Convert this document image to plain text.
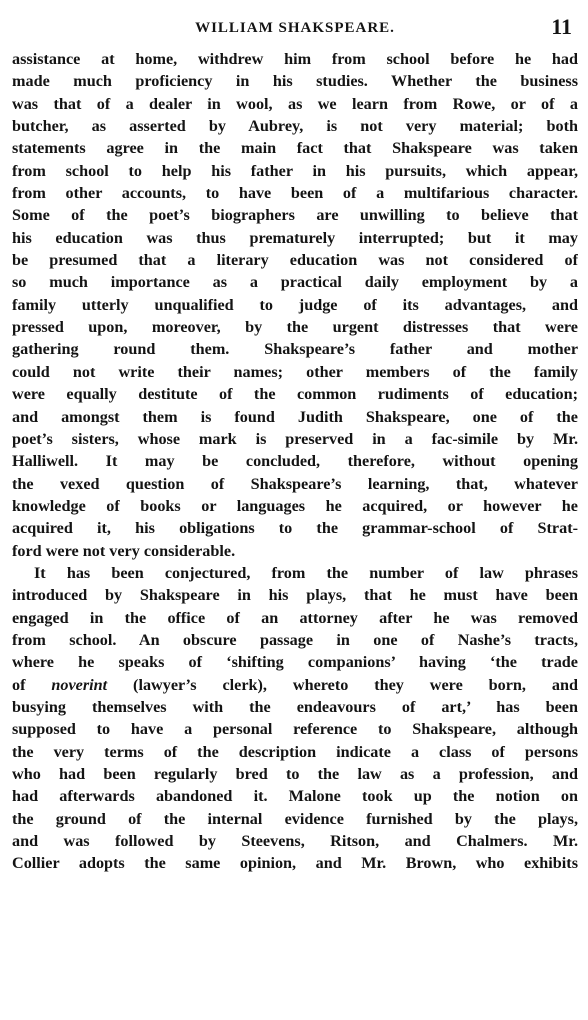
WILLIAM SHAKSPEARE.	11
assistance at home, withdrew him from school before he had
made much proficiency in his studies. Whether the business
was that of a dealer in wool, as we learn from Rowe, or of a
butcher, as asserted by Aubrey, is not very material; both
statements agree in the main fact that Shakspeare was taken
from school to help his father in his pursuits, which appear,
from other accounts, to have been of a multifarious character.
Some of the poet’s biographers are unwilling to believe that
his education was thus prematurely interrupted; but it may
be presumed that a literary education was not considered of
so much importance as a practical daily employment by a
family utterly unqualified to judge of its advantages, and
pressed upon, moreover, by the urgent distresses that were
gathering round them. Shakspeare’s father and mother
could not write their names; other members of the family
were equally destitute of the common rudiments of education;
and amongst them is found Judith Shakspeare, one of the
poet’s sisters, whose mark is preserved in a fac-simile by Mr.
Halliwell. It may be concluded, therefore, without opening
the vexed question of Shakspeare’s learning, that, whatever
knowledge of books or languages he acquired, or however he
acquired it, his obligations to the grammar-school of Strat-
ford were not very considerable.
It has been conjectured, from the number of law phrases
introduced by Shakspeare in his plays, that he must have been
engaged in the office of an attorney after he was removed
from school. An obscure passage in one of Nashe’s tracts,
where he speaks of ‘shifting companions’ having ‘the trade
of noverint (lawyer’s clerk), whereto they were born, and
busying themselves with the endeavours of art,’ has been
supposed to have a personal reference to Shakspeare, although
the very terms of the description indicate a class of persons
who had been regularly bred to the law as a profession, and
had afterwards abandoned it. Malone took up the notion on
the ground of the internal evidence furnished by the plays,
and was followed by Steevens, Ritson, and Chalmers. Mr.
Collier adopts the same opinion, and Mr. Brown, who exhibits
